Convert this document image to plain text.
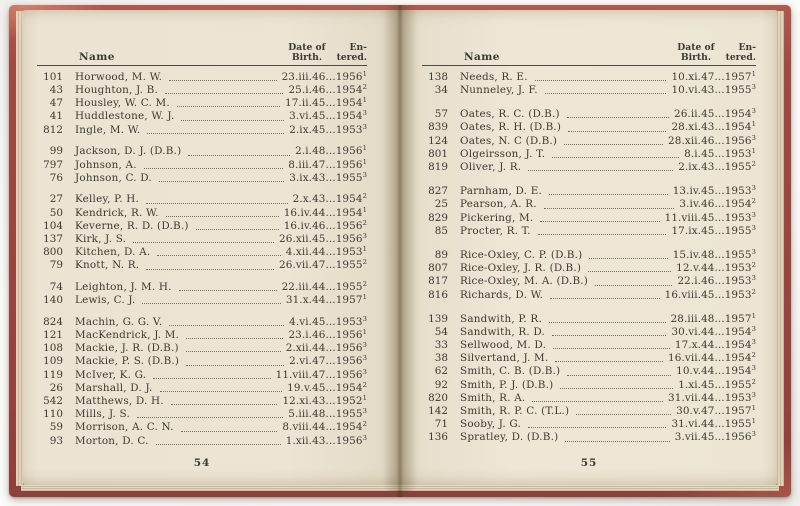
Name
Date of
Birth.
En-
tered.
101 Horwood, M. W.	23.iii.46...1956$^1$
43 Houghton, J. B.	25.i.46...1954$^2$
47 Housley, W. C. M.	17.ii.45...1954$^1$
41 Huddlestone, W. J.	3.vi.45...1954$^3$
812 Ingle, M. W.	2.ix.45...1953$^3$
99 Jackson, D. J. (D.B.)	2.i.48...1956$^1$
797 Johnson, A.	8.iii.47...1956$^1$
76 Johnson, C. D.	3.ix.43...1955$^3$
27 Kelley, P. H.	2.x.43...1954$^2$
50 Kendrick, R. W.	16.iv.44...1954$^1$
104 Keverne, R. D. (D.B.)	16.iv.46...1956$^2$
137 Kirk, J. S.	26.xii.45...1956$^3$
800 Kitchen, D. A.	4.xii.44...1953$^1$
79 Knott, N. R.	26.vii.47...1955$^2$
74 Leighton, J. M. H.	22.iii.44...1955$^2$
140 Lewis, C. J.	31.x.44...1957$^1$
824 Machin, G. G. V.	4.vi.45...1953$^3$
121 MacKendrick, J. M.	23.i.46...1956$^1$
108 Mackie, J. R. (D.B.)	2.xii.44...1956$^3$
109 Mackie, P. S. (D.B.)	2.vi.47...1956$^3$
119 McIver, K. G.	11.viii.47...1956$^3$
26 Marshall, D. J.	19.v.45...1954$^2$
542 Matthews, D. H.	12.xi.43...1952$^1$
110 Mills, J. S.	5.iii.48...1955$^3$
59 Morrison, A. C. N.	8.viii.44...1954$^2$
93 Morton, D. C.	1.xii.43...1956$^3$
54
Name
Date of
Birth.
En-
tered.
138 Needs, R. E.	10.xi.47...1957$^1$
34 Nunneley, J. F.	10.vi.43...1955$^3$
57 Oates, R. C. (D.B.)	26.ii.45...1954$^3$
839 Oates, R. H. (D.B.)	28.xi.43...1954$^1$
124 Oates, N. C (D.B.)	28.xii.46...1956$^3$
801 Olgeirsson, J. T.	8.i.45...1953$^1$
819 Oliver, J. R.	2.ix.43...1955$^2$
827 Parnham, D. E.	13.iv.45...1953$^3$
25 Pearson, A. R.	3.iv.46...1954$^2$
829 Pickering, M.	11.viii.45...1953$^3$
85 Procter, R. T.	17.ix.45...1955$^3$
89 Rice-Oxley, C. P. (D.B.)	15.iv.48...1955$^3$
807 Rice-Oxley, J. R. (D.B.)	12.v.44...1953$^2$
817 Rice-Oxley, M. A. (D.B.)	22.i.46...1953$^3$
816 Richards, D. W.	16.viii.45...1953$^2$
139 Sandwith, P. R.	28.iii.48...1957$^1$
54 Sandwith, R. D.	30.vi.44...1954$^3$
33 Sellwood, M. D.	17.x.44...1954$^3$
38 Silvertand, J. M.	16.vii.44...1954$^2$
62 Smith, C. B. (D.B.)	10.v.44...1954$^3$
92 Smith, P. J. (D.B.)	1.xi.45...1955$^2$
820 Smith, R. A.	31.vii.44...1953$^3$
142 Smith, R. P. C. (T.L.)	30.v.47...1957$^1$
71 Sooby, J. G.	31.vi.44...1955$^1$
136 Spratley, D. (D.B.)	3.vii.45...1956$^3$
55
